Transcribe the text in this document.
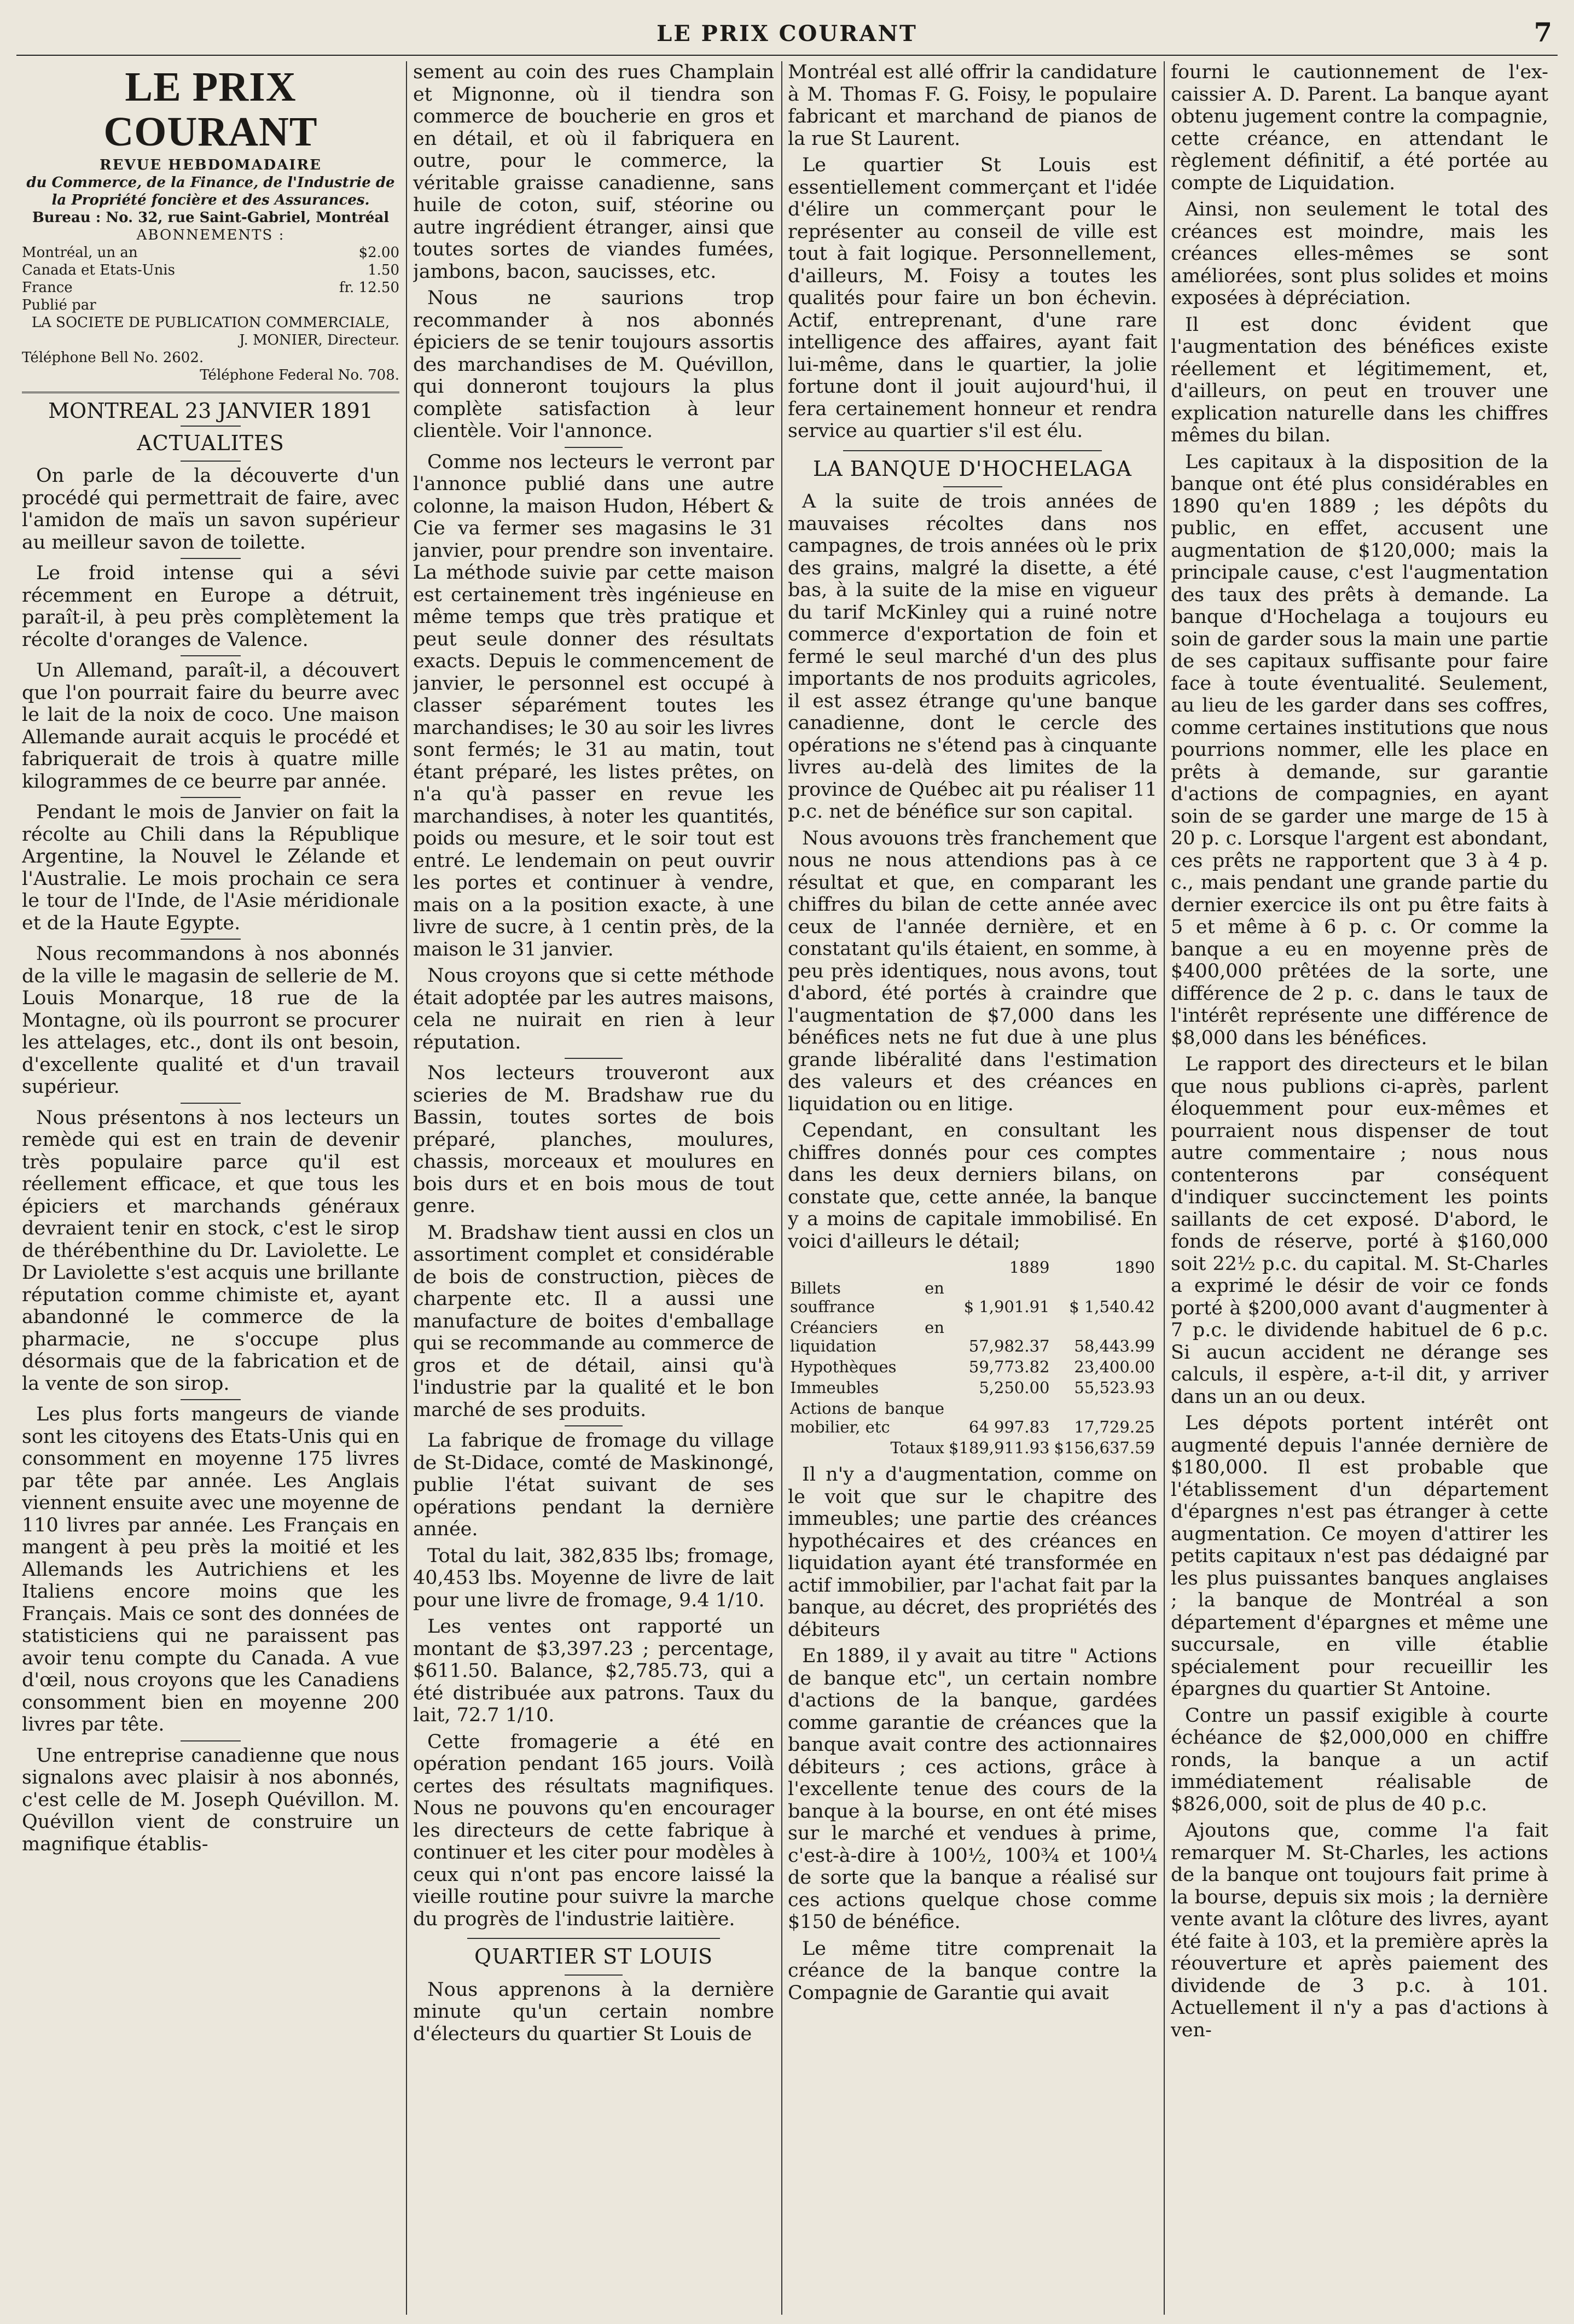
LE PRIX COURANT	7
LE PRIX COURANT
REVUE HEBDOMADAIRE
du Commerce, de la Finance, de l'Industrie de la Propriété foncière et des Assurances.
Bureau : No. 32, rue Saint-Gabriel, Montréal
ABONNEMENTS :
Montréal, un an	$2.00
Canada et Etats-Unis	1.50
France	fr. 12.50
Publié par
LA SOCIETE DE PUBLICATION COMMERCIALE,
J. MONIER, Directeur.
Téléphone Bell No. 2602.
Téléphone Federal No. 708.
MONTREAL 23 JANVIER 1891
ACTUALITES

On parle de la découverte d'un procédé qui permettrait de faire, avec l'amidon de maïs un savon supérieur au meilleur savon de toilette.

Le froid intense qui a sévi récemment en Europe a détruit, paraît-il, à peu près complètement la récolte d'oranges de Valence.

Un Allemand, paraît-il, a découvert que l'on pourrait faire du beurre avec le lait de la noix de coco. Une maison Allemande aurait acquis le procédé et fabriquerait de trois à quatre mille kilogrammes de ce beurre par année.

Pendant le mois de Janvier on fait la récolte au Chili dans la République Argentine, la Nouvel le Zélande et l'Australie. Le mois prochain ce sera le tour de l'Inde, de l'Asie méridionale et de la Haute Egypte.

Nous recommandons à nos abonnés de la ville le magasin de sellerie de M. Louis Monarque, 18 rue de la Montagne, où ils pourront se procurer les attelages, etc., dont ils ont besoin, d'excellente qualité et d'un travail supérieur.

Nous présentons à nos lecteurs un remède qui est en train de devenir très populaire parce qu'il est réellement efficace, et que tous les épiciers et marchands généraux devraient tenir en stock, c'est le sirop de thérébenthine du Dr. Laviolette. Le Dr Laviolette s'est acquis une brillante réputation comme chimiste et, ayant abandonné le commerce de la pharmacie, ne s'occupe plus désormais que de la fabrication et de la vente de son sirop.

Les plus forts mangeurs de viande sont les citoyens des Etats-Unis qui en consomment en moyenne 175 livres par tête par année. Les Anglais viennent ensuite avec une moyenne de 110 livres par année. Les Français en mangent à peu près la moitié et les Allemands les Autrichiens et les Italiens encore moins que les Français. Mais ce sont des données de statisticiens qui ne paraissent pas avoir tenu compte du Canada. A vue d'œil, nous croyons que les Canadiens consomment bien en moyenne 200 livres par tête.

Une entreprise canadienne que nous signalons avec plaisir à nos abonnés, c'est celle de M. Joseph Quévillon. M. Quévillon vient de construire un magnifique établis-

sement au coin des rues Champlain et Mignonne, où il tiendra son commerce de boucherie en gros et en détail, et où il fabriquera en outre, pour le commerce, la véritable graisse canadienne, sans huile de coton, suif, stéorine ou autre ingrédient étranger, ainsi que toutes sortes de viandes fumées, jambons, bacon, saucisses, etc.

Nous ne saurions trop recommander à nos abonnés épiciers de se tenir toujours assortis des marchandises de M. Quévillon, qui donneront toujours la plus complète satisfaction à leur clientèle. Voir l'annonce.

Comme nos lecteurs le verront par l'annonce publié dans une autre colonne, la maison Hudon, Hébert & Cie va fermer ses magasins le 31 janvier, pour prendre son inventaire. La méthode suivie par cette maison est certainement très ingénieuse en même temps que très pratique et peut seule donner des résultats exacts. Depuis le commencement de janvier, le personnel est occupé à classer séparément toutes les marchandises; le 30 au soir les livres sont fermés; le 31 au matin, tout étant préparé, les listes prêtes, on n'a qu'à passer en revue les marchandises, à noter les quantités, poids ou mesure, et le soir tout est entré. Le lendemain on peut ouvrir les portes et continuer à vendre, mais on a la position exacte, à une livre de sucre, à 1 centin près, de la maison le 31 janvier.

Nous croyons que si cette méthode était adoptée par les autres maisons, cela ne nuirait en rien à leur réputation.

Nos lecteurs trouveront aux scieries de M. Bradshaw rue du Bassin, toutes sortes de bois préparé, planches, moulures, chassis, morceaux et moulures en bois durs et en bois mous de tout genre.

M. Bradshaw tient aussi en clos un assortiment complet et considérable de bois de construction, pièces de charpente etc. Il a aussi une manufacture de boites d'emballage qui se recommande au commerce de gros et de détail, ainsi qu'à l'industrie par la qualité et le bon marché de ses produits.

La fabrique de fromage du village de St-Didace, comté de Maskinongé, publie l'état suivant de ses opérations pendant la dernière année.

Total du lait, 382,835 lbs; fromage, 40,453 lbs. Moyenne de livre de lait pour une livre de fromage, 9.4 1/10.

Les ventes ont rapporté un montant de $3,397.23 ; percentage, $611.50. Balance, $2,785.73, qui a été distribuée aux patrons. Taux du lait, 72.7 1/10.

Cette fromagerie a été en opération pendant 165 jours. Voilà certes des résultats magnifiques. Nous ne pouvons qu'en encourager les directeurs de cette fabrique à continuer et les citer pour modèles à ceux qui n'ont pas encore laissé la vieille routine pour suivre la marche du progrès de l'industrie laitière.

QUARTIER ST LOUIS

Nous apprenons à la dernière minute qu'un certain nombre d'électeurs du quartier St Louis de

Montréal est allé offrir la candidature à M. Thomas F. G. Foisy, le populaire fabricant et marchand de pianos de la rue St Laurent.

Le quartier St Louis est essentiellement commerçant et l'idée d'élire un commerçant pour le représenter au conseil de ville est tout à fait logique. Personnellement, d'ailleurs, M. Foisy a toutes les qualités pour faire un bon échevin. Actif, entreprenant, d'une rare intelligence des affaires, ayant fait lui-même, dans le quartier, la jolie fortune dont il jouit aujourd'hui, il fera certainement honneur et rendra service au quartier s'il est élu.

LA BANQUE D'HOCHELAGA

A la suite de trois années de mauvaises récoltes dans nos campagnes, de trois années où le prix des grains, malgré la disette, a été bas, à la suite de la mise en vigueur du tarif McKinley qui a ruiné notre commerce d'exportation de foin et fermé le seul marché d'un des plus importants de nos produits agricoles, il est assez étrange qu'une banque canadienne, dont le cercle des opérations ne s'étend pas à cinquante livres au-delà des limites de la province de Québec ait pu réaliser 11 p.c. net de bénéfice sur son capital.

Nous avouons très franchement que nous ne nous attendions pas à ce résultat et que, en comparant les chiffres du bilan de cette année avec ceux de l'année dernière, et en constatant qu'ils étaient, en somme, à peu près identiques, nous avons, tout d'abord, été portés à craindre que l'augmentation de $7,000 dans les bénéfices nets ne fut due à une plus grande libéralité dans l'estimation des valeurs et des créances en liquidation ou en litige.

Cependant, en consultant les chiffres donnés pour ces comptes dans les deux derniers bilans, on constate que, cette année, la banque y a moins de capitale immobilisé. En voici d'ailleurs le détail;

	1889	1890
Billets en souffrance	$ 1,901.91	$ 1,540.42
Créanciers en liquidation	57,982.37	58,443.99
Hypothèques	59,773.82	23,400.00
Immeubles	5,250.00	55,523.93
Actions de banque mobilier, etc	64 997.83	17,729.25
Totaux	$189,911.93	$156,637.59

Il n'y a d'augmentation, comme on le voit que sur le chapitre des immeubles; une partie des créances hypothécaires et des créances en liquidation ayant été transformée en actif immobilier, par l'achat fait par la banque, au décret, des propriétés des débiteurs

En 1889, il y avait au titre " Actions de banque etc", un certain nombre d'actions de la banque, gardées comme garantie de créances que la banque avait contre des actionnaires débiteurs ; ces actions, grâce à l'excellente tenue des cours de la banque à la bourse, en ont été mises sur le marché et vendues à prime, c'est-à-dire à 100½, 100¾ et 100¼ de sorte que la banque a réalisé sur ces actions quelque chose comme $150 de bénéfice.

Le même titre comprenait la créance de la banque contre la Compagnie de Garantie qui avait

fourni le cautionnement de l'ex-caissier A. D. Parent. La banque ayant obtenu jugement contre la compagnie, cette créance, en attendant le règlement définitif, a été portée au compte de Liquidation.

Ainsi, non seulement le total des créances est moindre, mais les créances elles-mêmes se sont améliorées, sont plus solides et moins exposées à dépréciation.

Il est donc évident que l'augmentation des bénéfices existe réellement et légitimement, et, d'ailleurs, on peut en trouver une explication naturelle dans les chiffres mêmes du bilan.

Les capitaux à la disposition de la banque ont été plus considérables en 1890 qu'en 1889 ; les dépôts du public, en effet, accusent une augmentation de $120,000; mais la principale cause, c'est l'augmentation des taux des prêts à demande. La banque d'Hochelaga a toujours eu soin de garder sous la main une partie de ses capitaux suffisante pour faire face à toute éventualité. Seulement, au lieu de les garder dans ses coffres, comme certaines institutions que nous pourrions nommer, elle les place en prêts à demande, sur garantie d'actions de compagnies, en ayant soin de se garder une marge de 15 à 20 p. c. Lorsque l'argent est abondant, ces prêts ne rapportent que 3 à 4 p. c., mais pendant une grande partie du dernier exercice ils ont pu être faits à 5 et même à 6 p. c. Or comme la banque a eu en moyenne près de $400,000 prêtées de la sorte, une différence de 2 p. c. dans le taux de l'intérêt représente une différence de $8,000 dans les bénéfices.

Le rapport des directeurs et le bilan que nous publions ci-après, parlent éloquemment pour eux-mêmes et pourraient nous dispenser de tout autre commentaire ; nous nous contenterons par conséquent d'indiquer succinctement les points saillants de cet exposé. D'abord, le fonds de réserve, porté à $160,000 soit 22½ p.c. du capital. M. St-Charles a exprimé le désir de voir ce fonds porté à $200,000 avant d'augmenter à 7 p.c. le dividende habituel de 6 p.c. Si aucun accident ne dérange ses calculs, il espère, a-t-il dit, y arriver dans un an ou deux.

Les dépots portent intérêt ont augmenté depuis l'année dernière de $180,000. Il est probable que l'établissement d'un département d'épargnes n'est pas étranger à cette augmentation. Ce moyen d'attirer les petits capitaux n'est pas dédaigné par les plus puissantes banques anglaises ; la banque de Montréal a son département d'épargnes et même une succursale, en ville établie spécialement pour recueillir les épargnes du quartier St Antoine.

Contre un passif exigible à courte échéance de $2,000,000 en chiffre ronds, la banque a un actif immédiatement réalisable de $826,000, soit de plus de 40 p.c.

Ajoutons que, comme l'a fait remarquer M. St-Charles, les actions de la banque ont toujours fait prime à la bourse, depuis six mois ; la dernière vente avant la clôture des livres, ayant été faite à 103, et la première après la réouverture et après paiement des dividende de 3 p.c. à 101. Actuellement il n'y a pas d'actions à ven-
